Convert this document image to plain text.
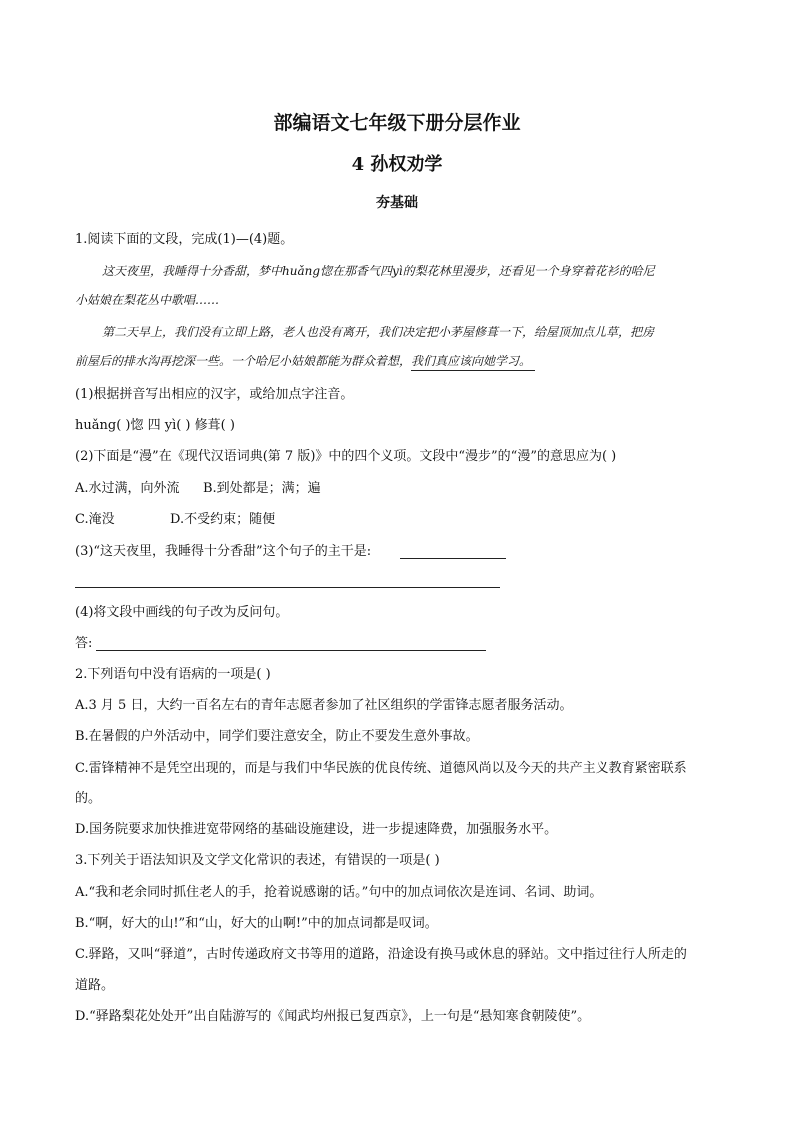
部编语文七年级下册分层作业
4 孙权劝学
夯基础
1.阅读下面的文段，完成(1)—(4)题。
这天夜里，我睡得十分香甜，梦中huǎng惚在那香气四yì的梨花林里漫步，还看见一个身穿着花衫的哈尼
小姑娘在梨花丛中歌唱……
第二天早上，我们没有立即上路，老人也没有离开，我们决定把小茅屋修葺一下，给屋顶加点儿草，把房
前屋后的排水沟再挖深一些。一个哈尼小姑娘都能为群众着想，我们真应该向她学习。
(1)根据拼音写出相应的汉字，或给加点字注音。
huǎng( )惚 四 yì( ) 修葺( )
(2)下面是“漫”在《现代汉语词典(第 7 版)》中的四个义项。文段中“漫步”的“漫”的意思应为( )
A.水过满，向外流 B.到处都是；满；遍
C.淹没	D.不受约束；随便
(3)“这天夜里，我睡得十分香甜”这个句子的主干是:
(4)将文段中画线的句子改为反问句。
答:
2.下列语句中没有语病的一项是( )
A.3 月 5 日，大约一百名左右的青年志愿者参加了社区组织的学雷锋志愿者服务活动。
B.在暑假的户外活动中，同学们要注意安全，防止不要发生意外事故。
C.雷锋精神不是凭空出现的，而是与我们中华民族的优良传统、道德风尚以及今天的共产主义教育紧密联系
的。
D.国务院要求加快推进宽带网络的基础设施建设，进一步提速降费，加强服务水平。
3.下列关于语法知识及文学文化常识的表述，有错误的一项是( )
A.“我和老余同时抓住老人的手，抢着说感谢的话。”句中的加点词依次是连词、名词、助词。
B.“啊，好大的山!”和“山，好大的山啊!”中的加点词都是叹词。
C.驿路，又叫“驿道”，古时传递政府文书等用的道路，沿途设有换马或休息的驿站。文中指过往行人所走的
道路。
D.“驿路梨花处处开”出自陆游写的《闻武均州报已复西京》，上一句是“悬知寒食朝陵使”。
